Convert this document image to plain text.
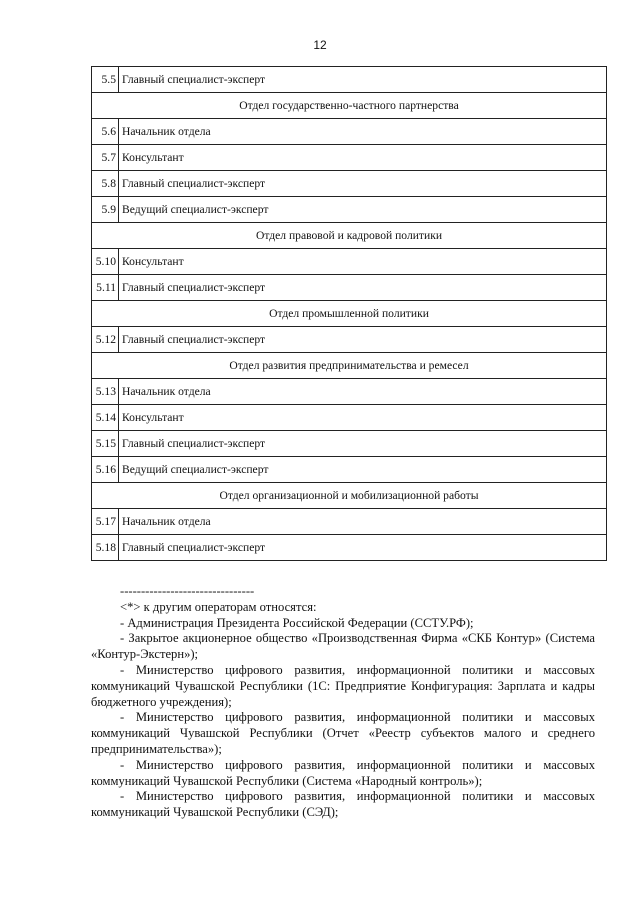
12
5.5	Главный специалист-эксперт
Отдел государственно-частного партнерства	
5.6	Начальник отдела
5.7	Консультант
5.8	Главный специалист-эксперт
5.9	Ведущий специалист-эксперт
Отдел правовой и кадровой политики	
5.10	Консультант
5.11	Главный специалист-эксперт
Отдел промышленной политики	
5.12	Главный специалист-эксперт
Отдел развития предпринимательства и ремесел	
5.13	Начальник отдела
5.14	Консультант
5.15	Главный специалист-эксперт
5.16	Ведущий специалист-эксперт
Отдел организационной и мобилизационной работы	
5.17	Начальник отдела
5.18	Главный специалист-эксперт

--------------------------------

<*> к другим операторам относятся:

- Администрация Президента Российской Федерации (ССТУ.РФ);

- Закрытое акционерное общество «Производственная Фирма «СКБ Контур» (Система «Контур-Экстерн»);

- Министерство цифрового развития, информационной политики и массовых коммуникаций Чувашской Республики (1С: Предприятие Конфигурация: Зарплата и кадры бюджетного учреждения);

- Министерство цифрового развития, информационной политики и массовых коммуникаций Чувашской Республики (Отчет «Реестр субъектов малого и среднего предпринимательства»);

- Министерство цифрового развития, информационной политики и массовых коммуникаций Чувашской Республики (Система «Народный контроль»);

- Министерство цифрового развития, информационной политики и массовых коммуникаций Чувашской Республики (СЭД);
